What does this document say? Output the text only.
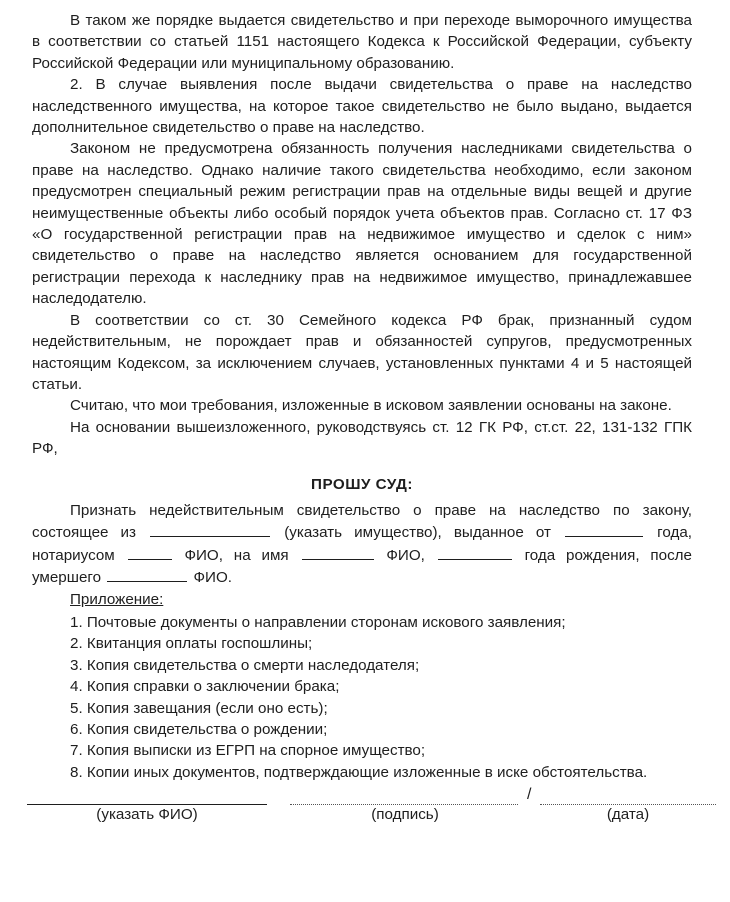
В таком же порядке выдается свидетельство и при переходе выморочного имущества в соответствии со статьей 1151 настоящего Кодекса к Российской Федерации, субъекту Российской Федерации или муниципальному образованию.

2. В случае выявления после выдачи свидетельства о праве на наследство наследственного имущества, на которое такое свидетельство не было выдано, выдается дополнительное свидетельство о праве на наследство.

Законом не предусмотрена обязанность получения наследниками свидетельства о праве на наследство. Однако наличие такого свидетельства необходимо, если законом предусмотрен специальный режим регистрации прав на отдельные виды вещей и другие неимущественные объекты либо особый порядок учета объектов прав. Согласно ст. 17 ФЗ «О государственной регистрации прав на недвижимое имущество и сделок с ним» свидетельство о праве на наследство является основанием для государственной регистрации перехода к наследнику прав на недвижимое имущество, принадлежавшее наследодателю.

В соответствии со ст. 30 Семейного кодекса РФ брак, признанный судом недействительным, не порождает прав и обязанностей супругов, предусмотренных настоящим Кодексом, за исключением случаев, установленных пунктами 4 и 5 настоящей статьи.

Считаю, что мои требования, изложенные в исковом заявлении основаны на законе.

На основании вышеизложенного, руководствуясь ст. 12 ГК РФ, ст.ст. 22, 131-132 ГПК РФ,

ПРОШУ СУД:

Признать недействительным свидетельство о праве на наследство по закону, состоящее из	(указать имущество), выданное от	года, нотариусом	ФИО, на имя	ФИО,	года рождения, после умершего	ФИО.

Приложение:

1. Почтовые документы о направлении сторонам искового заявления;
2. Квитанция оплаты госпошлины;
3. Копия свидетельства о смерти наследодателя;
4. Копия справки о заключении брака;
5. Копия завещания (если оно есть);
6. Копия свидетельства о рождении;
7. Копия выписки из ЕГРП на спорное имущество;
8. Копии иных документов, подтверждающие изложенные в иске обстоятельства.
/
(указать ФИО)	(подпись)	(дата)
